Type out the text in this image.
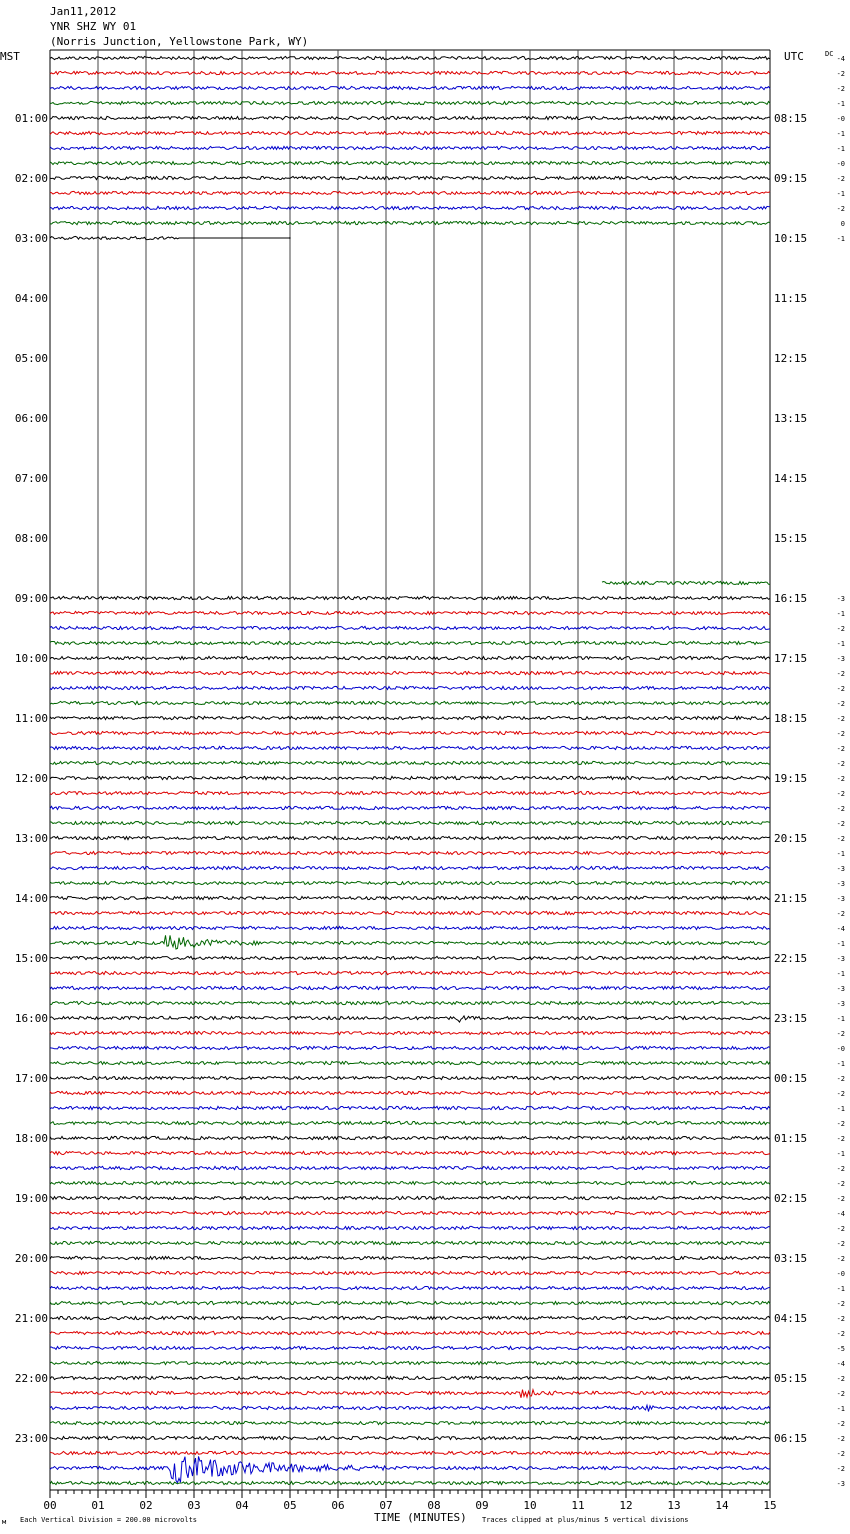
Jan11,2012
YNR SHZ WY 01
(Norris Junction, Yellowstone Park, WY)
MST	UTC	DC
01:00
02:00
03:00
04:00
05:00
06:00
07:00
08:00
09:00
10:00
11:00
12:00
13:00
14:00
15:00
16:00
17:00
18:00
19:00
20:00
21:00
22:00
23:00
08:15
09:15
10:15
11:15
12:15
13:15
14:15
15:15
16:15
17:15
18:15
19:15
20:15
21:15
22:15
23:15
00:15
01:15
02:15
03:15
04:15
05:15
06:15
-4
-2
-2
-1
-0
-1
-1
-0
-2
-1
-2
0
-1
-3
-1
-2
-1
-3
-2
-2
-2
-2
-2
-2
-2
-2
-2
-2
-2
-2
-1
-3
-3
-3
-2
-4
-1
-3
-1
-3
-3
-1
-2
-0
-1
-2
-2
-1
-2
-2
-1
-2
-2
-2
-4
-2
-2
-2
-0
-1
-2
-2
-2
-5
-4
-2
-2
-1
-2
-2
-2
-2
-3
00	01	02	03	04	05	06	07	08	09	10	11	12	13	14	15
TIME (MINUTES)
Each Vertical Division = 200.00 microvolts	Traces clipped at plus/minus 5 vertical divisions
м
